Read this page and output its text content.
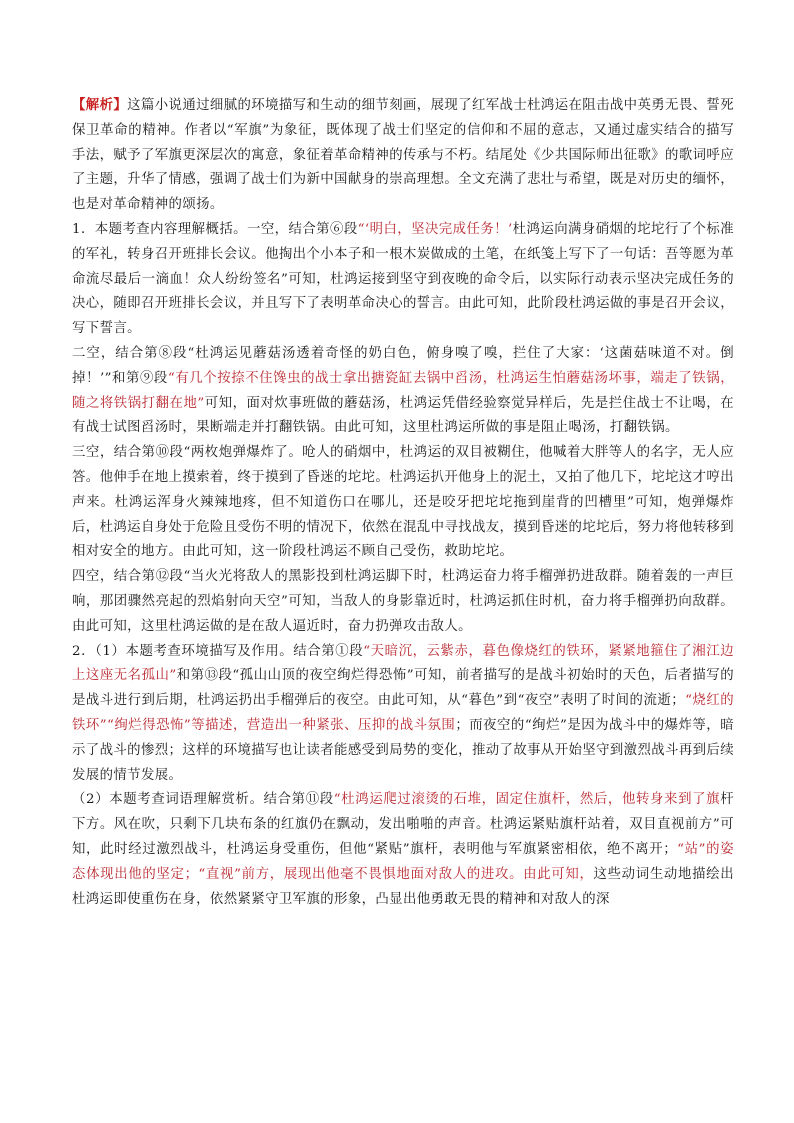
【解析】这篇小说通过细腻的环境描写和生动的细节刻画，展现了红军战士杜鸿运在阻击战中英勇无畏、誓死保卫革命的精神。作者以“军旗”为象征，既体现了战士们坚定的信仰和不屈的意志，又通过虚实结合的描写手法，赋予了军旗更深层次的寓意，象征着革命精神的传承与不朽。结尾处《少共国际师出征歌》的歌词呼应了主题，升华了情感，强调了战士们为新中国献身的崇高理想。全文充满了悲壮与希望，既是对历史的缅怀，也是对革命精神的颂扬。

1．本题考查内容理解概括。一空，结合第⑥段“‘明白，坚决完成任务！’杜鸿运向满身硝烟的坨坨行了个标准的军礼，转身召开班排长会议。他掏出个小本子和一根木炭做成的土笔，在纸笺上写下了一句话：吾等愿为革命流尽最后一滴血！众人纷纷签名”可知，杜鸿运接到坚守到夜晚的命令后，以实际行动表示坚决完成任务的决心，随即召开班排长会议，并且写下了表明革命决心的誓言。由此可知，此阶段杜鸿运做的事是召开会议，写下誓言。

二空，结合第⑧段“杜鸿运见蘑菇汤透着奇怪的奶白色，俯身嗅了嗅，拦住了大家：‘这菌菇味道不对。倒掉！’”和第⑨段“有几个按捺不住馋虫的战士拿出搪瓷缸去锅中舀汤，杜鸿运生怕蘑菇汤坏事，端走了铁锅，随之将铁锅打翻在地”可知，面对炊事班做的蘑菇汤，杜鸿运凭借经验察觉异样后，先是拦住战士不让喝，在有战士试图舀汤时，果断端走并打翻铁锅。由此可知，这里杜鸿运所做的事是阻止喝汤，打翻铁锅。

三空，结合第⑩段“两枚炮弹爆炸了。呛人的硝烟中，杜鸿运的双目被糊住，他喊着大胖等人的名字，无人应答。他伸手在地上摸索着，终于摸到了昏迷的坨坨。杜鸿运扒开他身上的泥土，又拍了他几下，坨坨这才哼出声来。杜鸿运浑身火辣辣地疼，但不知道伤口在哪儿，还是咬牙把坨坨拖到崖背的凹槽里”可知，炮弹爆炸后，杜鸿运自身处于危险且受伤不明的情况下，依然在混乱中寻找战友，摸到昏迷的坨坨后，努力将他转移到相对安全的地方。由此可知，这一阶段杜鸿运不顾自己受伤，救助坨坨。

四空，结合第⑫段“当火光将敌人的黑影投到杜鸿运脚下时，杜鸿运奋力将手榴弹扔进敌群。随着轰的一声巨响，那团骤然亮起的烈焰射向天空”可知，当敌人的身影靠近时，杜鸿运抓住时机，奋力将手榴弹扔向敌群。由此可知，这里杜鸿运做的是在敌人逼近时，奋力扔弹攻击敌人。

2．（1）本题考查环境描写及作用。结合第①段“天暗沉，云紫赤，暮色像烧红的铁环，紧紧地箍住了湘江边上这座无名孤山”和第⑬段“孤山山顶的夜空绚烂得恐怖”可知，前者描写的是战斗初始时的天色，后者描写的是战斗进行到后期，杜鸿运扔出手榴弹后的夜空。由此可知，从“暮色”到“夜空”表明了时间的流逝；“烧红的铁环”“绚烂得恐怖”等描述，营造出一种紧张、压抑的战斗氛围；而夜空的“绚烂”是因为战斗中的爆炸等，暗示了战斗的惨烈；这样的环境描写也让读者能感受到局势的变化，推动了故事从开始坚守到激烈战斗再到后续发展的情节发展。

（2）本题考查词语理解赏析。结合第⑪段“杜鸿运爬过滚烫的石堆，固定住旗杆，然后，他转身来到了旗杆下方。风在吹，只剩下几块布条的红旗仍在飘动，发出啪啪的声音。杜鸿运紧贴旗杆站着，双目直视前方”可知，此时经过激烈战斗，杜鸿运身受重伤，但他“紧贴”旗杆，表明他与军旗紧密相依，绝不离开；“站”的姿态体现出他的坚定；“直视”前方，展现出他毫不畏惧地面对敌人的进攻。由此可知，这些动词生动地描绘出杜鸿运即使重伤在身，依然紧紧守卫军旗的形象，凸显出他勇敢无畏的精神和对敌人的深
